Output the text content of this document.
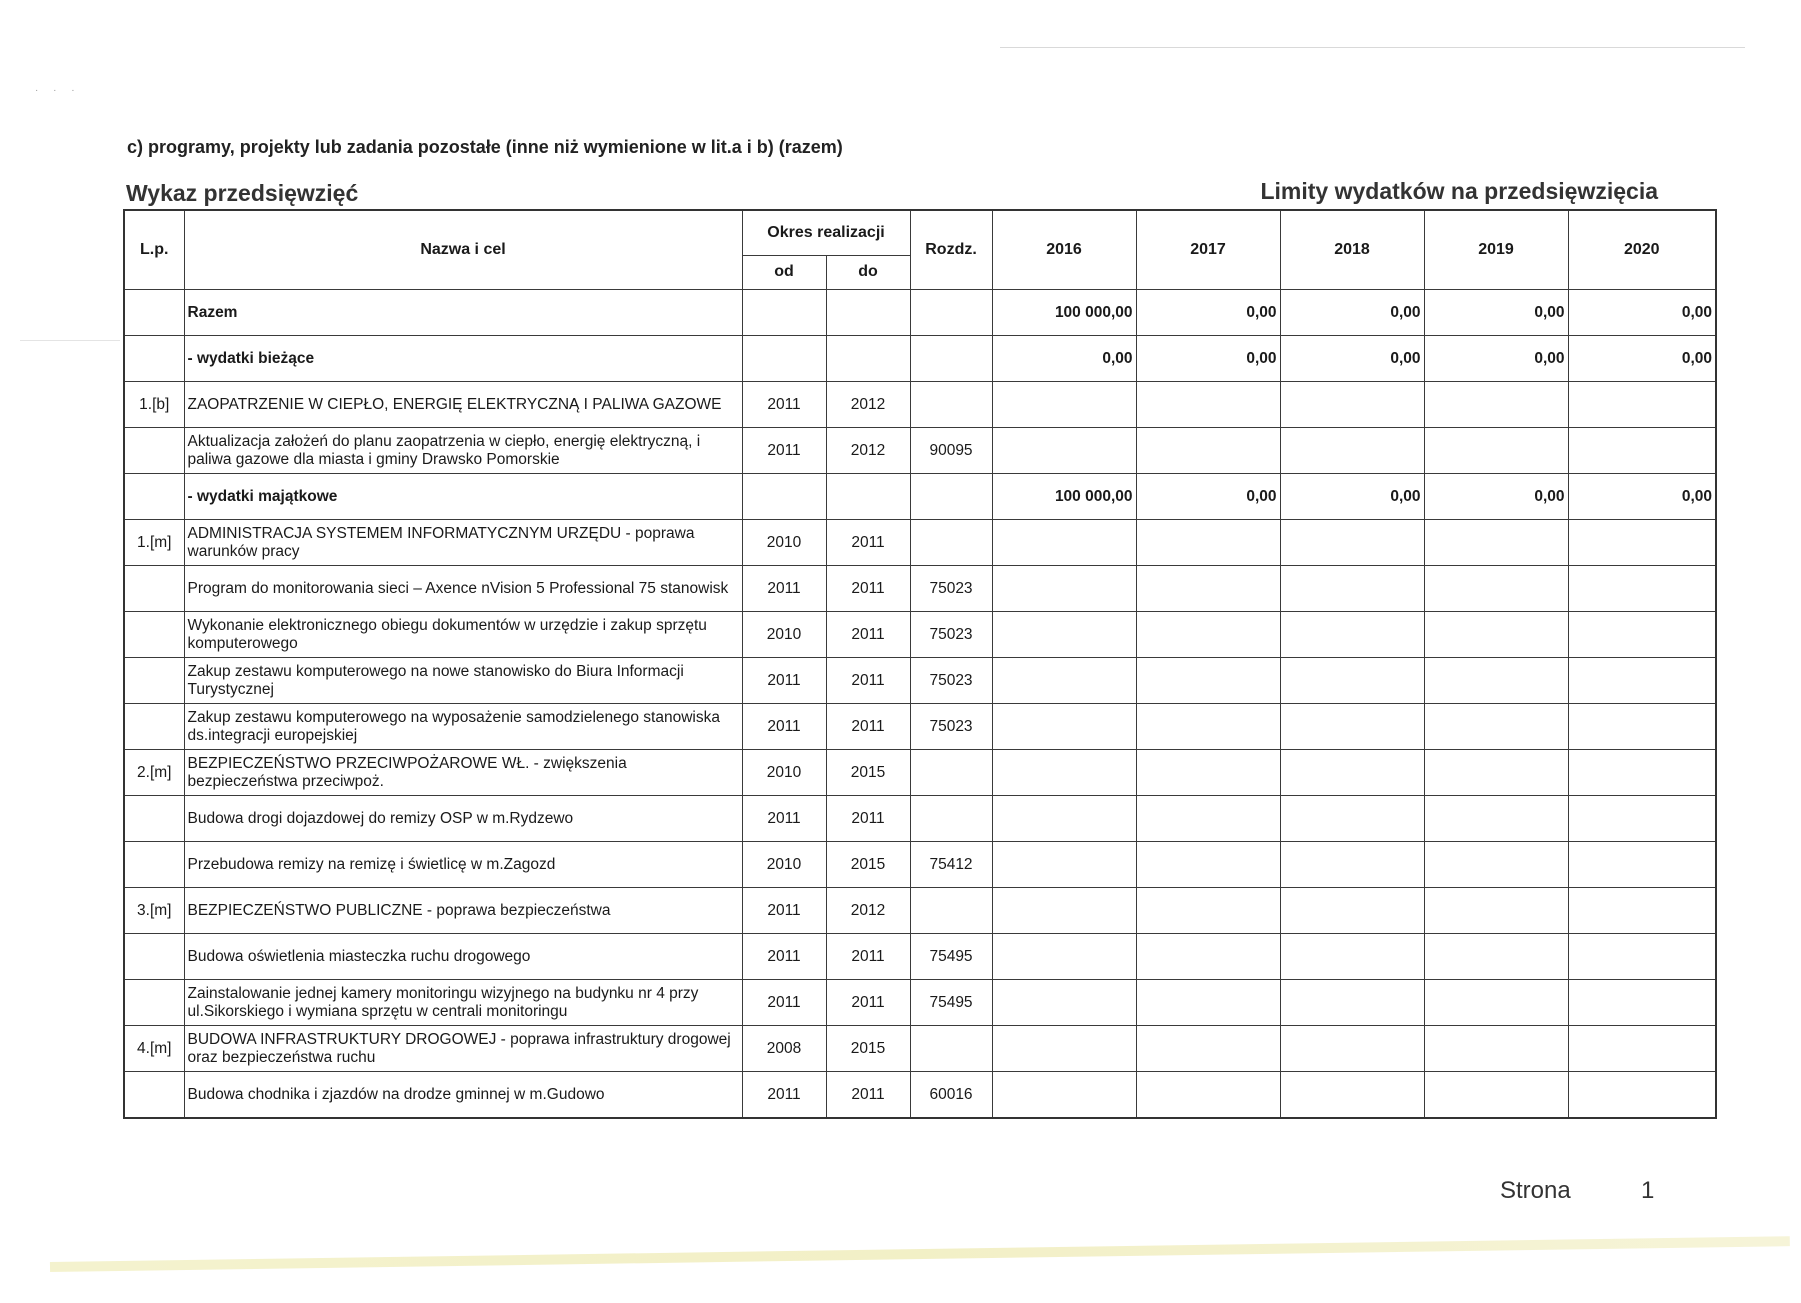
· · ·
c) programy, projekty lub zadania pozostałe (inne niż wymienione w lit.a i b) (razem)
Wykaz przedsięwzięć	Limity wydatków na przedsięwzięcia
L.p.	Nazwa i cel	Okres realizacji		Rozdz.	2016	2017	2018	2019	2020
		od	do						
	Razem				100 000,00	0,00	0,00	0,00	0,00
	- wydatki bieżące				0,00	0,00	0,00	0,00	0,00
1.[b]	ZAOPATRZENIE W CIEPŁO, ENERGIĘ ELEKTRYCZNĄ I PALIWA GAZOWE	2011	2012						
	Aktualizacja założeń do planu zaopatrzenia w ciepło, energię elektryczną, i paliwa gazowe dla miasta i gminy Drawsko Pomorskie	2011	2012	90095					
	- wydatki majątkowe				100 000,00	0,00	0,00	0,00	0,00
1.[m]	ADMINISTRACJA SYSTEMEM INFORMATYCZNYM URZĘDU - poprawa warunków pracy	2010	2011						
	Program do monitorowania sieci – Axence nVision 5 Professional 75 stanowisk	2011	2011	75023					
	Wykonanie elektronicznego obiegu dokumentów w urzędzie i zakup sprzętu komputerowego	2010	2011	75023					
	Zakup zestawu komputerowego na nowe stanowisko do Biura Informacji Turystycznej	2011	2011	75023					
	Zakup zestawu komputerowego na wyposażenie samodzielenego stanowiska ds.integracji europejskiej	2011	2011	75023					
2.[m]	BEZPIECZEŃSTWO PRZECIWPOŻAROWE WŁ. - zwiększenia bezpieczeństwa przeciwpoż.	2010	2015						
	Budowa drogi dojazdowej do remizy OSP w m.Rydzewo	2011	2011						
	Przebudowa remizy na remizę i świetlicę w m.Zagozd	2010	2015	75412					
3.[m]	BEZPIECZEŃSTWO PUBLICZNE - poprawa bezpieczeństwa	2011	2012						
	Budowa oświetlenia miasteczka ruchu drogowego	2011	2011	75495					
	Zainstalowanie jednej kamery monitoringu wizyjnego na budynku nr 4 przy ul.Sikorskiego i wymiana sprzętu w centrali monitoringu	2011	2011	75495					
4.[m]	BUDOWA INFRASTRUKTURY DROGOWEJ - poprawa infrastruktury drogowej oraz bezpieczeństwa ruchu	2008	2015						
	Budowa chodnika i zjazdów na drodze gminnej w m.Gudowo	2011	2011	60016					
Strona	1
